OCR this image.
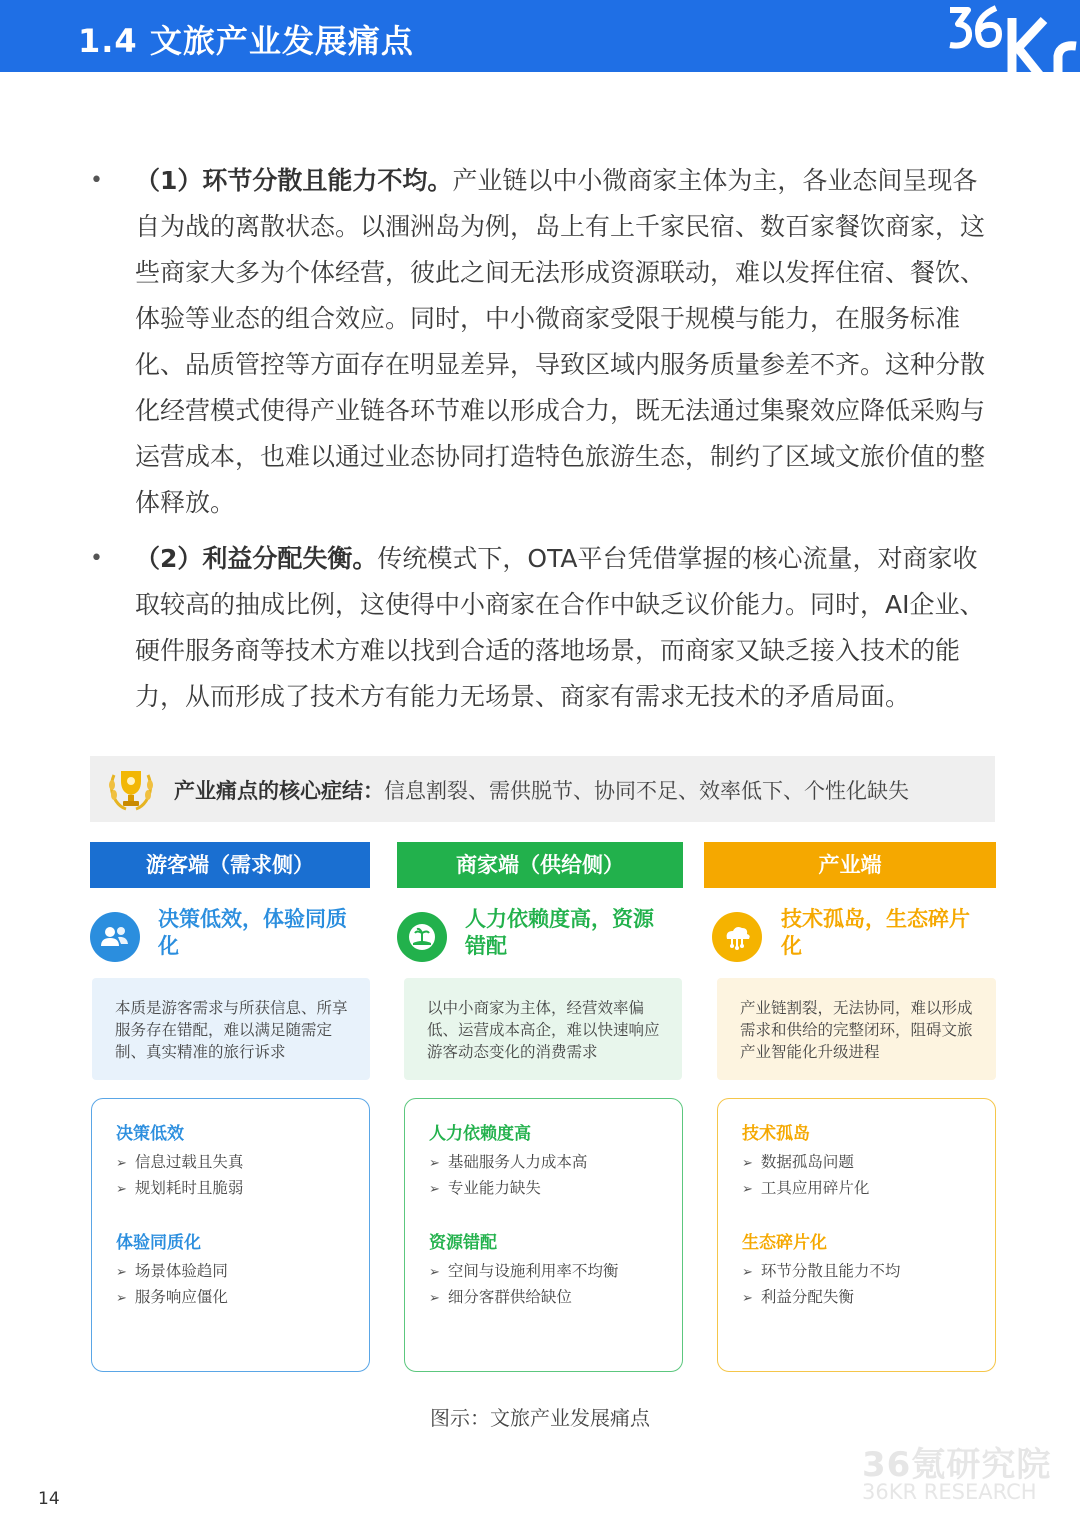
1.4 文旅产业发展痛点
• （1）环节分散且能力不均。产业链以中小微商家主体为主，各业态间呈现各自为战的离散状态。以涠洲岛为例，岛上有上千家民宿、数百家餐饮商家，这些商家大多为个体经营，彼此之间无法形成资源联动，难以发挥住宿、餐饮、体验等业态的组合效应。同时，中小微商家受限于规模与能力，在服务标准化、品质管控等方面存在明显差异，导致区域内服务质量参差不齐。这种分散化经营模式使得产业链各环节难以形成合力，既无法通过集聚效应降低采购与运营成本，也难以通过业态协同打造特色旅游生态，制约了区域文旅价值的整体释放。
• （2）利益分配失衡。传统模式下，OTA平台凭借掌握的核心流量，对商家收取较高的抽成比例，这使得中小商家在合作中缺乏议价能力。同时，AI企业、硬件服务商等技术方难以找到合适的落地场景，而商家又缺乏接入技术的能力，从而形成了技术方有能力无场景、商家有需求无技术的矛盾局面。
产业痛点的核心症结：信息割裂、需供脱节、协同不足、效率低下、个性化缺失
游客端（需求侧）
决策低效，体验同质化
本质是游客需求与所获信息、所享服务存在错配，难以满足随需定制、真实精准的旅行诉求
决策低效
➢ 信息过载且失真
➢ 规划耗时且脆弱
体验同质化
➢ 场景体验趋同
➢ 服务响应僵化
商家端（供给侧）
人力依赖度高，资源错配
以中小商家为主体，经营效率偏低、运营成本高企，难以快速响应游客动态变化的消费需求
人力依赖度高
➢ 基础服务人力成本高
➢ 专业能力缺失
资源错配
➢ 空间与设施利用率不均衡
➢ 细分客群供给缺位
产业端
技术孤岛，生态碎片化
产业链割裂，无法协同，难以形成需求和供给的完整闭环，阻碍文旅产业智能化升级进程
技术孤岛
➢ 数据孤岛问题
➢ 工具应用碎片化
生态碎片化
➢ 环节分散且能力不均
➢ 利益分配失衡
图示：文旅产业发展痛点
36氪研究院
36KR RESEARCH
14
